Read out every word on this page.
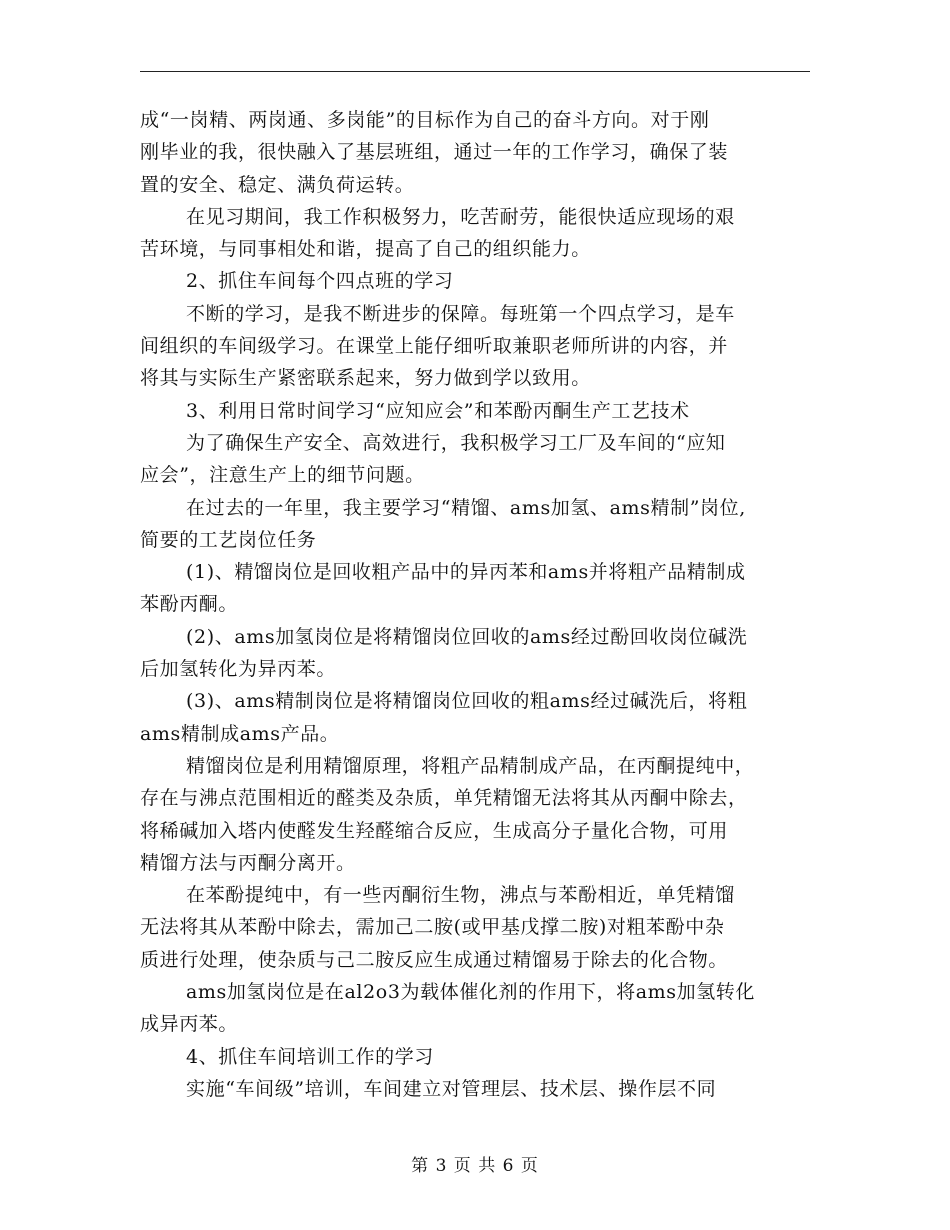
成“一岗精、两岗通、多岗能”的目标作为自己的奋斗方向。对于刚
刚毕业的我，很快融入了基层班组，通过一年的工作学习，确保了装
置的安全、稳定、满负荷运转。
在见习期间，我工作积极努力，吃苦耐劳，能很快适应现场的艰
苦环境，与同事相处和谐，提高了自己的组织能力。
2、抓住车间每个四点班的学习
不断的学习，是我不断进步的保障。每班第一个四点学习，是车
间组织的车间级学习。在课堂上能仔细听取兼职老师所讲的内容，并
将其与实际生产紧密联系起来，努力做到学以致用。
3、利用日常时间学习“应知应会”和苯酚丙酮生产工艺技术
为了确保生产安全、高效进行，我积极学习工厂及车间的“应知
应会”，注意生产上的细节问题。
在过去的一年里，我主要学习“精馏、ams加氢、ams精制”岗位,
简要的工艺岗位任务
(1)、精馏岗位是回收粗产品中的异丙苯和ams并将粗产品精制成
苯酚丙酮。
(2)、ams加氢岗位是将精馏岗位回收的ams经过酚回收岗位碱洗
后加氢转化为异丙苯。
(3)、ams精制岗位是将精馏岗位回收的粗ams经过碱洗后，将粗
ams精制成ams产品。
精馏岗位是利用精馏原理，将粗产品精制成产品，在丙酮提纯中，
存在与沸点范围相近的醛类及杂质，单凭精馏无法将其从丙酮中除去，
将稀碱加入塔内使醛发生羟醛缩合反应，生成高分子量化合物，可用
精馏方法与丙酮分离开。
在苯酚提纯中，有一些丙酮衍生物，沸点与苯酚相近，单凭精馏
无法将其从苯酚中除去，需加己二胺(或甲基戊撑二胺)对粗苯酚中杂
质进行处理，使杂质与己二胺反应生成通过精馏易于除去的化合物。
ams加氢岗位是在al2o3为载体催化剂的作用下，将ams加氢转化
成异丙苯。
4、抓住车间培训工作的学习
实施“车间级”培训，车间建立对管理层、技术层、操作层不同
第 3 页 共 6 页
